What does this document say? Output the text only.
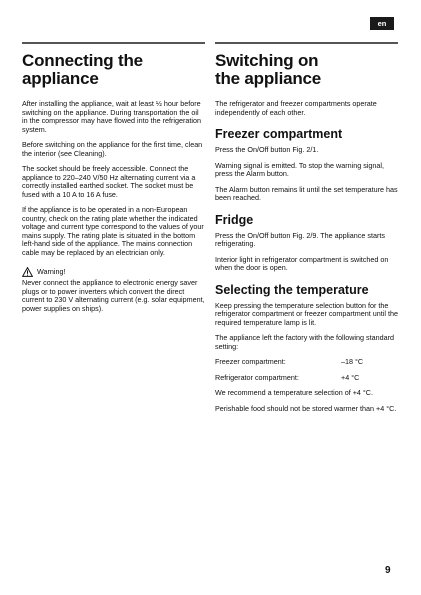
en
Connecting the
appliance

After installing the appliance, wait at least ½ hour before switching on the appliance. During transportation the oil in the compressor may have flowed into the refrigeration system.

Before switching on the appliance for the first time, clean the interior (see Cleaning).

The socket should be freely accessible. Connect the appliance to 220–240 V/50 Hz alternating current via a correctly installed earthed socket. The socket must be fused with a 10 A to 16 A fuse.

If the appliance is to be operated in a non-European country, check on the rating plate whether the indicated voltage and current type correspond to the values of your mains supply. The rating plate is situated in the bottom left-hand side of the appliance. The mains connection cable may be replaced by an electrician only.

Warning!

Never connect the appliance to electronic energy saver plugs or to power inverters which convert the direct current to 230 V alternating current (e.g. solar equipment, power supplies on ships).

Switching on
the appliance

The refrigerator and freezer compartments operate independently of each other.

Freezer compartment

Press the On/Off button Fig. 2/1.

Warning signal is emitted. To stop the warning signal, press the Alarm button.

The Alarm button remains lit until the set temperature has been reached.

Fridge

Press the On/Off button Fig. 2/9. The appliance starts refrigerating.

Interior light in refrigerator compartment is switched on when the door is open.

Selecting the temperature

Keep pressing the temperature selection button for the refrigerator compartment or freezer compartment until the required temperature lamp is lit.

The appliance left the factory with the following standard setting:

Freezer compartment:	–18 °C
Refrigerator compartment:	+4 °C

We recommend a temperature selection of +4 °C.

Perishable food should not be stored warmer than +4 °C.

9
